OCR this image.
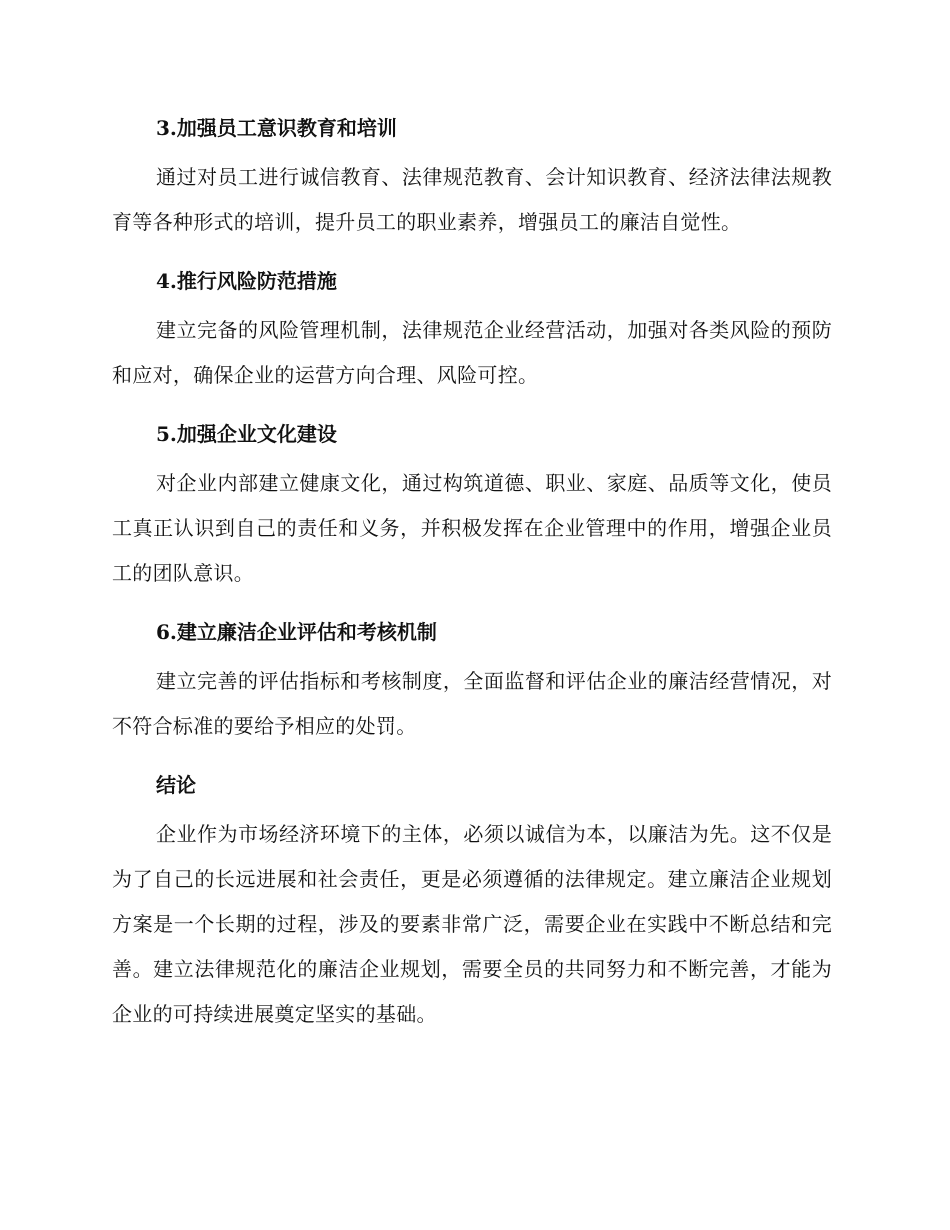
3.加强员工意识教育和培训

通过对员工进行诚信教育、法律规范教育、会计知识教育、经济法律法规教育等各种形式的培训，提升员工的职业素养，增强员工的廉洁自觉性。

4.推行风险防范措施

建立完备的风险管理机制，法律规范企业经营活动，加强对各类风险的预防和应对，确保企业的运营方向合理、风险可控。

5.加强企业文化建设

对企业内部建立健康文化，通过构筑道德、职业、家庭、品质等文化，使员工真正认识到自己的责任和义务，并积极发挥在企业管理中的作用，增强企业员工的团队意识。

6.建立廉洁企业评估和考核机制

建立完善的评估指标和考核制度，全面监督和评估企业的廉洁经营情况，对不符合标准的要给予相应的处罚。

结论

企业作为市场经济环境下的主体，必须以诚信为本，以廉洁为先。这不仅是为了自己的长远进展和社会责任，更是必须遵循的法律规定。建立廉洁企业规划方案是一个长期的过程，涉及的要素非常广泛，需要企业在实践中不断总结和完善。建立法律规范化的廉洁企业规划，需要全员的共同努力和不断完善，才能为企业的可持续进展奠定坚实的基础。
